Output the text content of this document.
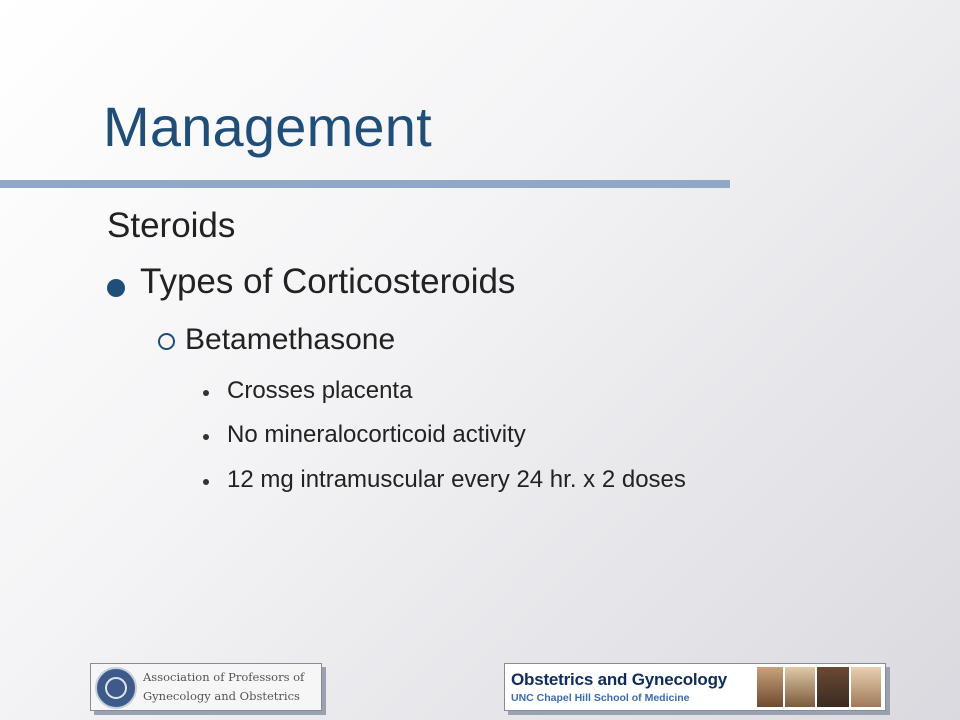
Management
Steroids
Types of Corticosteroids
Betamethasone
Crosses placenta
No mineralocorticoid activity
12 mg intramuscular every 24 hr. x 2 doses
Association of Professors of
Gynecology and Obstetrics
Obstetrics and Gynecology
UNC Chapel Hill School of Medicine
